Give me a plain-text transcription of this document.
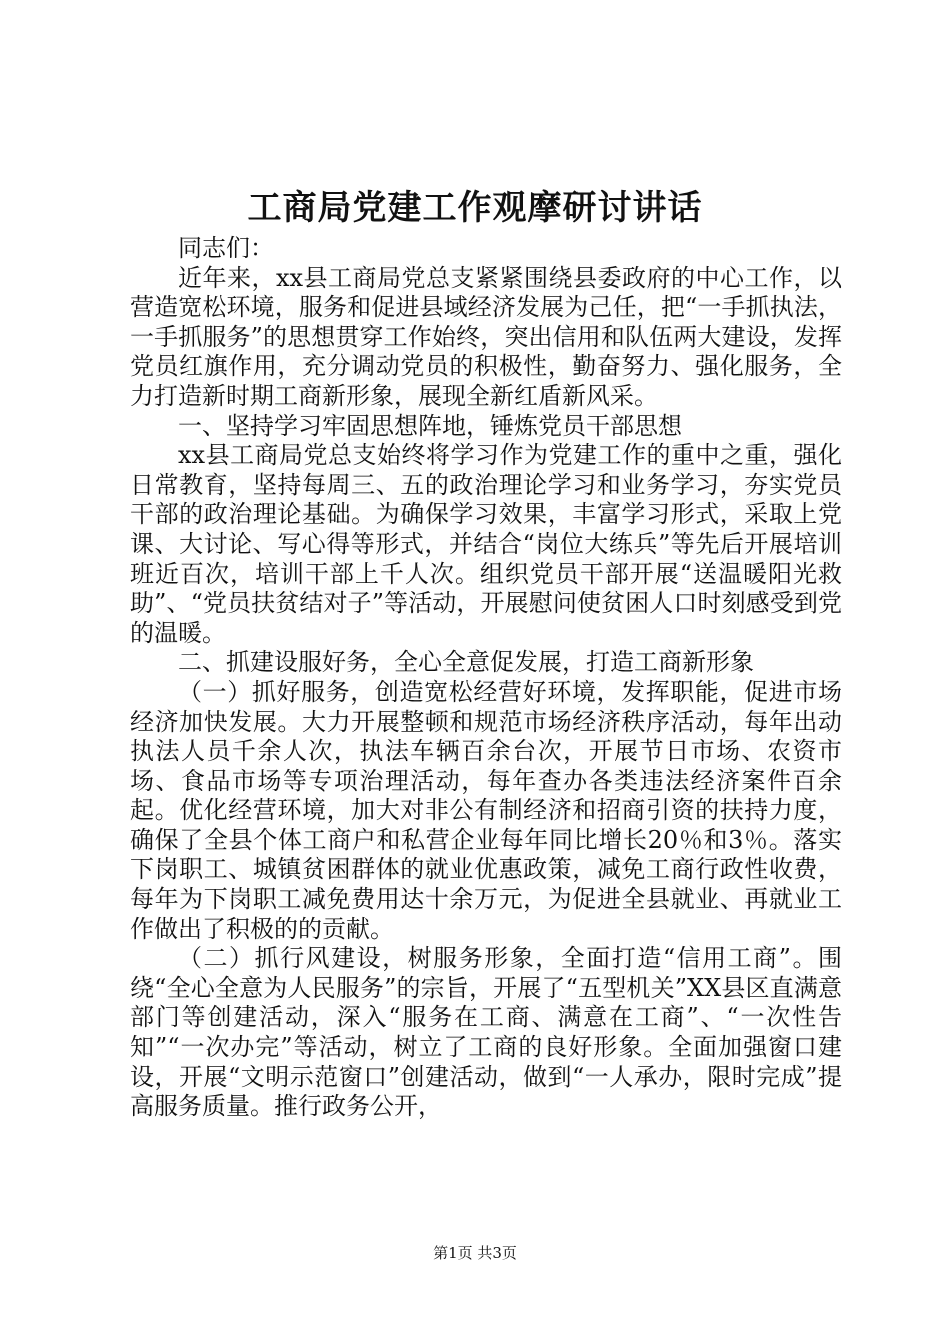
工商局党建工作观摩研讨讲话

同志们：

近年来，xx县工商局党总支紧紧围绕县委政府的中心工作，以营造宽松环境，服务和促进县域经济发展为己任，把“一手抓执法，一手抓服务”的思想贯穿工作始终，突出信用和队伍两大建设，发挥党员红旗作用，充分调动党员的积极性，勤奋努力、强化服务，全力打造新时期工商新形象，展现全新红盾新风采。

一、坚持学习牢固思想阵地，锤炼党员干部思想

xx县工商局党总支始终将学习作为党建工作的重中之重，强化日常教育，坚持每周三、五的政治理论学习和业务学习，夯实党员干部的政治理论基础。为确保学习效果，丰富学习形式，采取上党课、大讨论、写心得等形式，并结合“岗位大练兵”等先后开展培训班近百次，培训干部上千人次。组织党员干部开展“送温暖阳光救助”、“党员扶贫结对子”等活动，开展慰问使贫困人口时刻感受到党的温暖。

二、抓建设服好务，全心全意促发展，打造工商新形象

（一）抓好服务，创造宽松经营好环境，发挥职能，促进市场经济加快发展。大力开展整顿和规范市场经济秩序活动，每年出动执法人员千余人次，执法车辆百余台次，开展节日市场、农资市场、食品市场等专项治理活动，每年查办各类违法经济案件百余起。优化经营环境，加大对非公有制经济和招商引资的扶持力度，确保了全县个体工商户和私营企业每年同比增长20％和3％。落实下岗职工、城镇贫困群体的就业优惠政策，减免工商行政性收费，每年为下岗职工减免费用达十余万元，为促进全县就业、再就业工作做出了积极的的贡献。

（二）抓行风建设，树服务形象，全面打造“信用工商”。围绕“全心全意为人民服务”的宗旨，开展了“五型机关”XX县区直满意部门等创建活动，深入“服务在工商、满意在工商”、“一次性告知”“一次办完”等活动，树立了工商的良好形象。全面加强窗口建设，开展“文明示范窗口”创建活动，做到“一人承办，限时完成”提高服务质量。推行政务公开，

第1页 共3页
